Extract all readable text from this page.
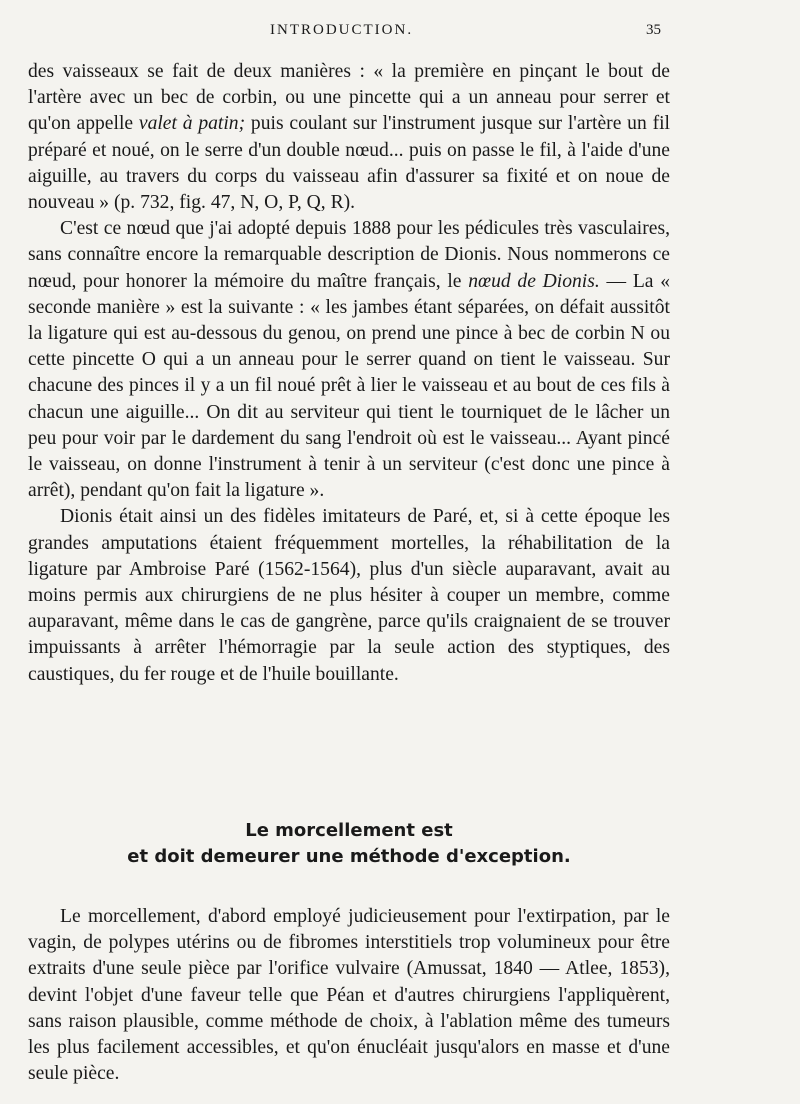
INTRODUCTION.	35

des vaisseaux se fait de deux manières : « la première en pinçant le bout de l'artère avec un bec de corbin, ou une pincette qui a un anneau pour serrer et qu'on appelle valet à patin; puis coulant sur l'instrument jusque sur l'artère un fil préparé et noué, on le serre d'un double nœud... puis on passe le fil, à l'aide d'une aiguille, au travers du corps du vaisseau afin d'assurer sa fixité et on noue de nouveau » (p. 732, fig. 47, N, O, P, Q, R).

C'est ce nœud que j'ai adopté depuis 1888 pour les pédicules très vasculaires, sans connaître encore la remarquable description de Dionis. Nous nommerons ce nœud, pour honorer la mémoire du maître français, le nœud de Dionis. — La « seconde manière » est la suivante : « les jambes étant séparées, on défait aussitôt la ligature qui est au-dessous du genou, on prend une pince à bec de corbin N ou cette pincette O qui a un anneau pour le serrer quand on tient le vaisseau. Sur chacune des pinces il y a un fil noué prêt à lier le vaisseau et au bout de ces fils à chacun une aiguille... On dit au serviteur qui tient le tourniquet de le lâcher un peu pour voir par le dardement du sang l'endroit où est le vaisseau... Ayant pincé le vaisseau, on donne l'instrument à tenir à un serviteur (c'est donc une pince à arrêt), pendant qu'on fait la ligature ».

Dionis était ainsi un des fidèles imitateurs de Paré, et, si à cette époque les grandes amputations étaient fréquemment mortelles, la réhabilitation de la ligature par Ambroise Paré (1562-1564), plus d'un siècle auparavant, avait au moins permis aux chirurgiens de ne plus hésiter à couper un membre, comme auparavant, même dans le cas de gangrène, parce qu'ils craignaient de se trouver impuissants à arrêter l'hémorragie par la seule action des styptiques, des caustiques, du fer rouge et de l'huile bouillante.

Le morcellement est
et doit demeurer une méthode d'exception.

Le morcellement, d'abord employé judicieusement pour l'extirpation, par le vagin, de polypes utérins ou de fibromes interstitiels trop volumineux pour être extraits d'une seule pièce par l'orifice vulvaire (Amussat, 1840 — Atlee, 1853), devint l'objet d'une faveur telle que Péan et d'autres chirurgiens l'appliquèrent, sans raison plausible, comme méthode de choix, à l'ablation même des tumeurs les plus facilement accessibles, et qu'on énucléait jusqu'alors en masse et d'une seule pièce.
